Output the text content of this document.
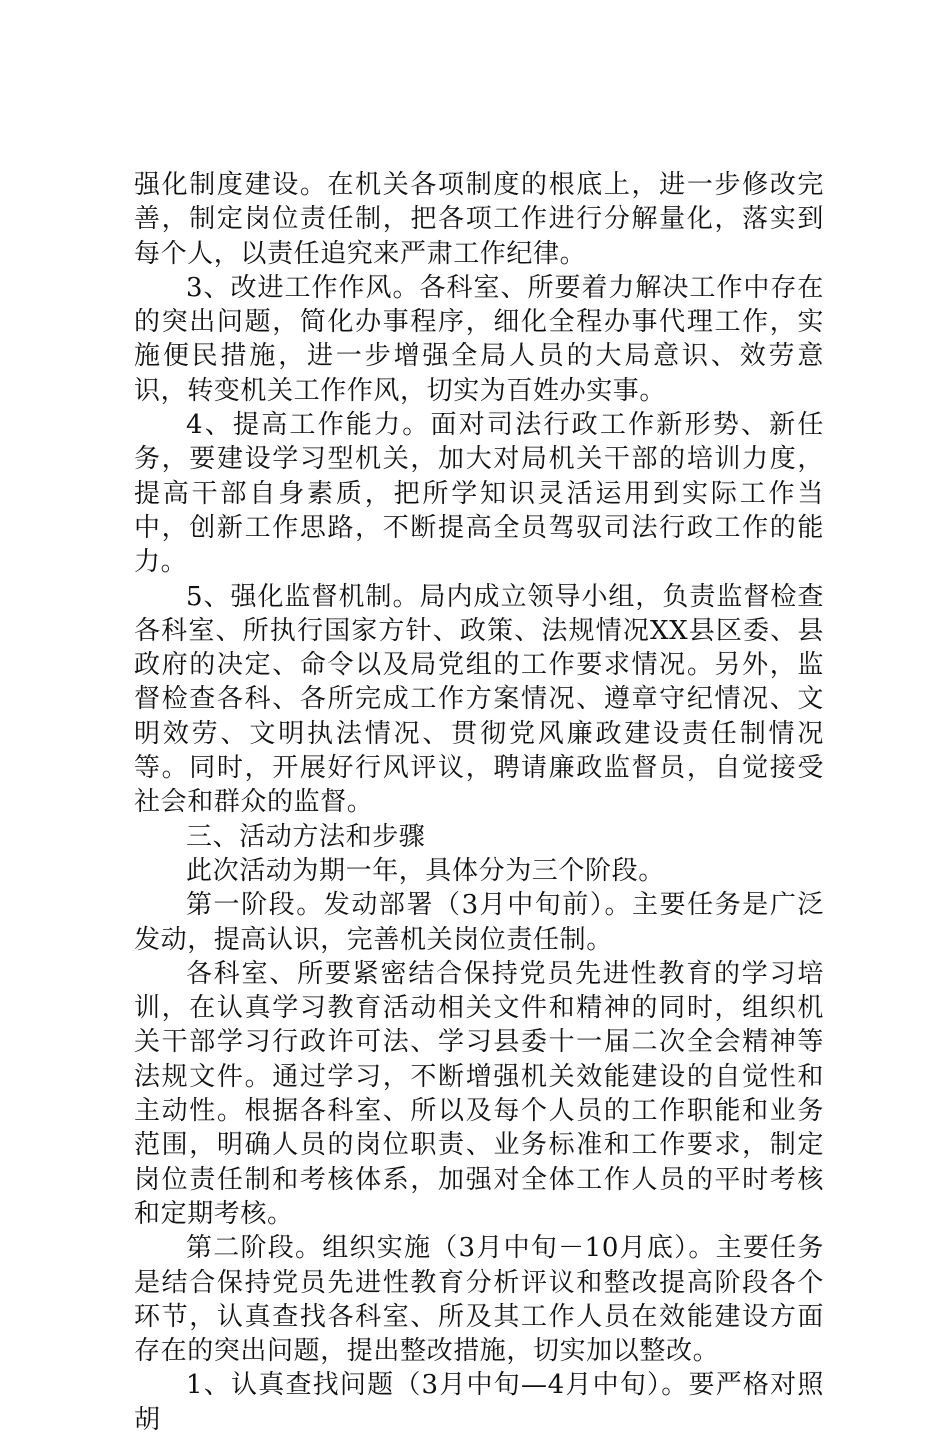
强化制度建设。在机关各项制度的根底上，进一步修改完善，制定岗位责任制，把各项工作进行分解量化，落实到每个人，以责任追究来严肃工作纪律。

3、改进工作作风。各科室、所要着力解决工作中存在的突出问题，简化办事程序，细化全程办事代理工作，实施便民措施，进一步增强全局人员的大局意识、效劳意识，转变机关工作作风，切实为百姓办实事。

4、提高工作能力。面对司法行政工作新形势、新任务，要建设学习型机关，加大对局机关干部的培训力度，提高干部自身素质，把所学知识灵活运用到实际工作当中，创新工作思路，不断提高全员驾驭司法行政工作的能力。

5、强化监督机制。局内成立领导小组，负责监督检查各科室、所执行国家方针、政策、法规情况XX县区委、县政府的决定、命令以及局党组的工作要求情况。另外，监督检查各科、各所完成工作方案情况、遵章守纪情况、文明效劳、文明执法情况、贯彻党风廉政建设责任制情况等。同时，开展好行风评议，聘请廉政监督员，自觉接受社会和群众的监督。

三、活动方法和步骤

此次活动为期一年，具体分为三个阶段。

第一阶段。发动部署（3月中旬前）。主要任务是广泛发动，提高认识，完善机关岗位责任制。

各科室、所要紧密结合保持党员先进性教育的学习培训，在认真学习教育活动相关文件和精神的同时，组织机关干部学习行政许可法、学习县委十一届二次全会精神等法规文件。通过学习，不断增强机关效能建设的自觉性和主动性。根据各科室、所以及每个人员的工作职能和业务范围，明确人员的岗位职责、业务标准和工作要求，制定岗位责任制和考核体系，加强对全体工作人员的平时考核和定期考核。

第二阶段。组织实施（3月中旬－10月底）。主要任务是结合保持党员先进性教育分析评议和整改提高阶段各个环节，认真查找各科室、所及其工作人员在效能建设方面存在的突出问题，提出整改措施，切实加以整改。

1、认真查找问题（3月中旬—4月中旬）。要严格对照胡
